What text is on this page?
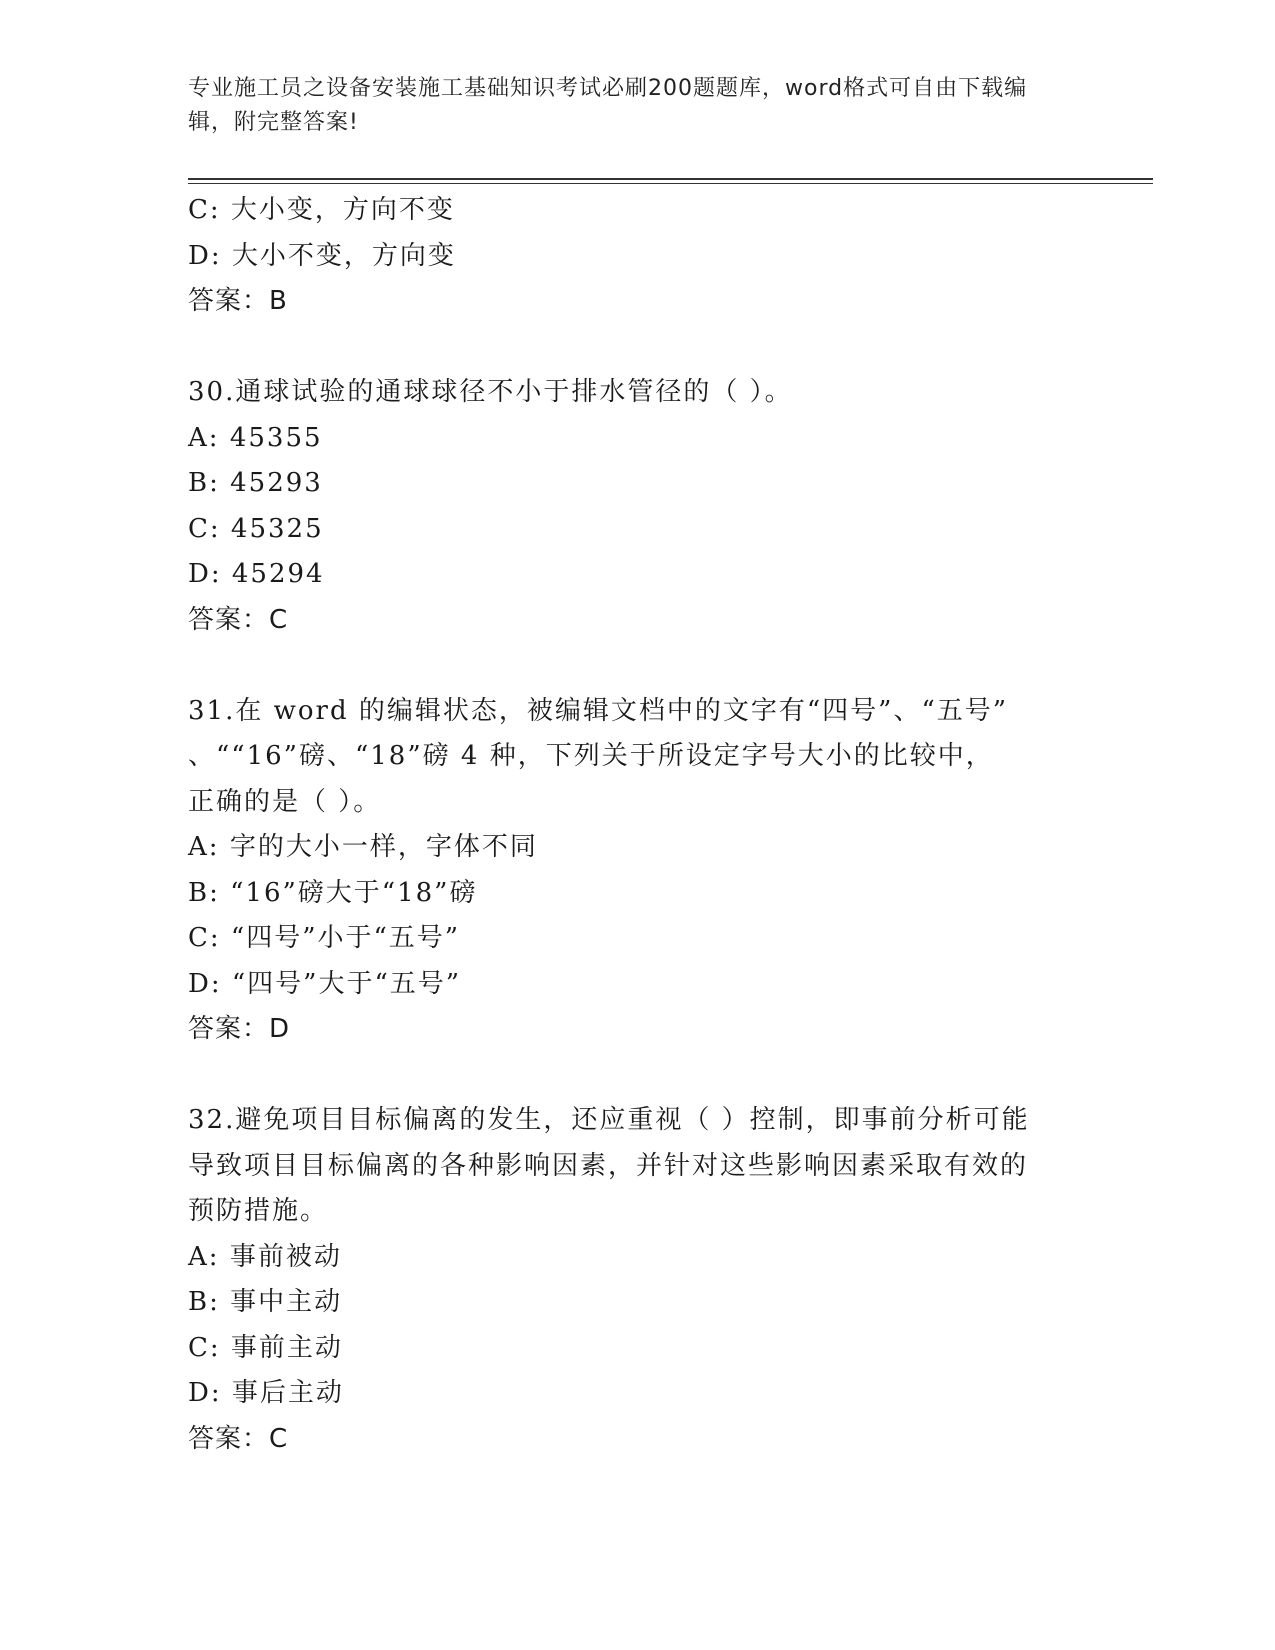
专业施工员之设备安装施工基础知识考试必刷200题题库，word格式可自由下载编辑，附完整答案!
C: 大小变，方向不变
D: 大小不变，方向变
答案：B
30.通球试验的通球球径不小于排水管径的（ ）。
A: 45355
B: 45293
C: 45325
D: 45294
答案：C
31.在 word 的编辑状态，被编辑文档中的文字有“四号”、“五号”
、““16”磅、“18”磅 4 种，下列关于所设定字号大小的比较中，
正确的是（ ）。
A: 字的大小一样，字体不同
B: “16”磅大于“18”磅
C: “四号”小于“五号”
D: “四号”大于“五号”
答案：D
32.避免项目目标偏离的发生，还应重视（ ）控制，即事前分析可能
导致项目目标偏离的各种影响因素，并针对这些影响因素采取有效的
预防措施。
A: 事前被动
B: 事中主动
C: 事前主动
D: 事后主动
答案：C
